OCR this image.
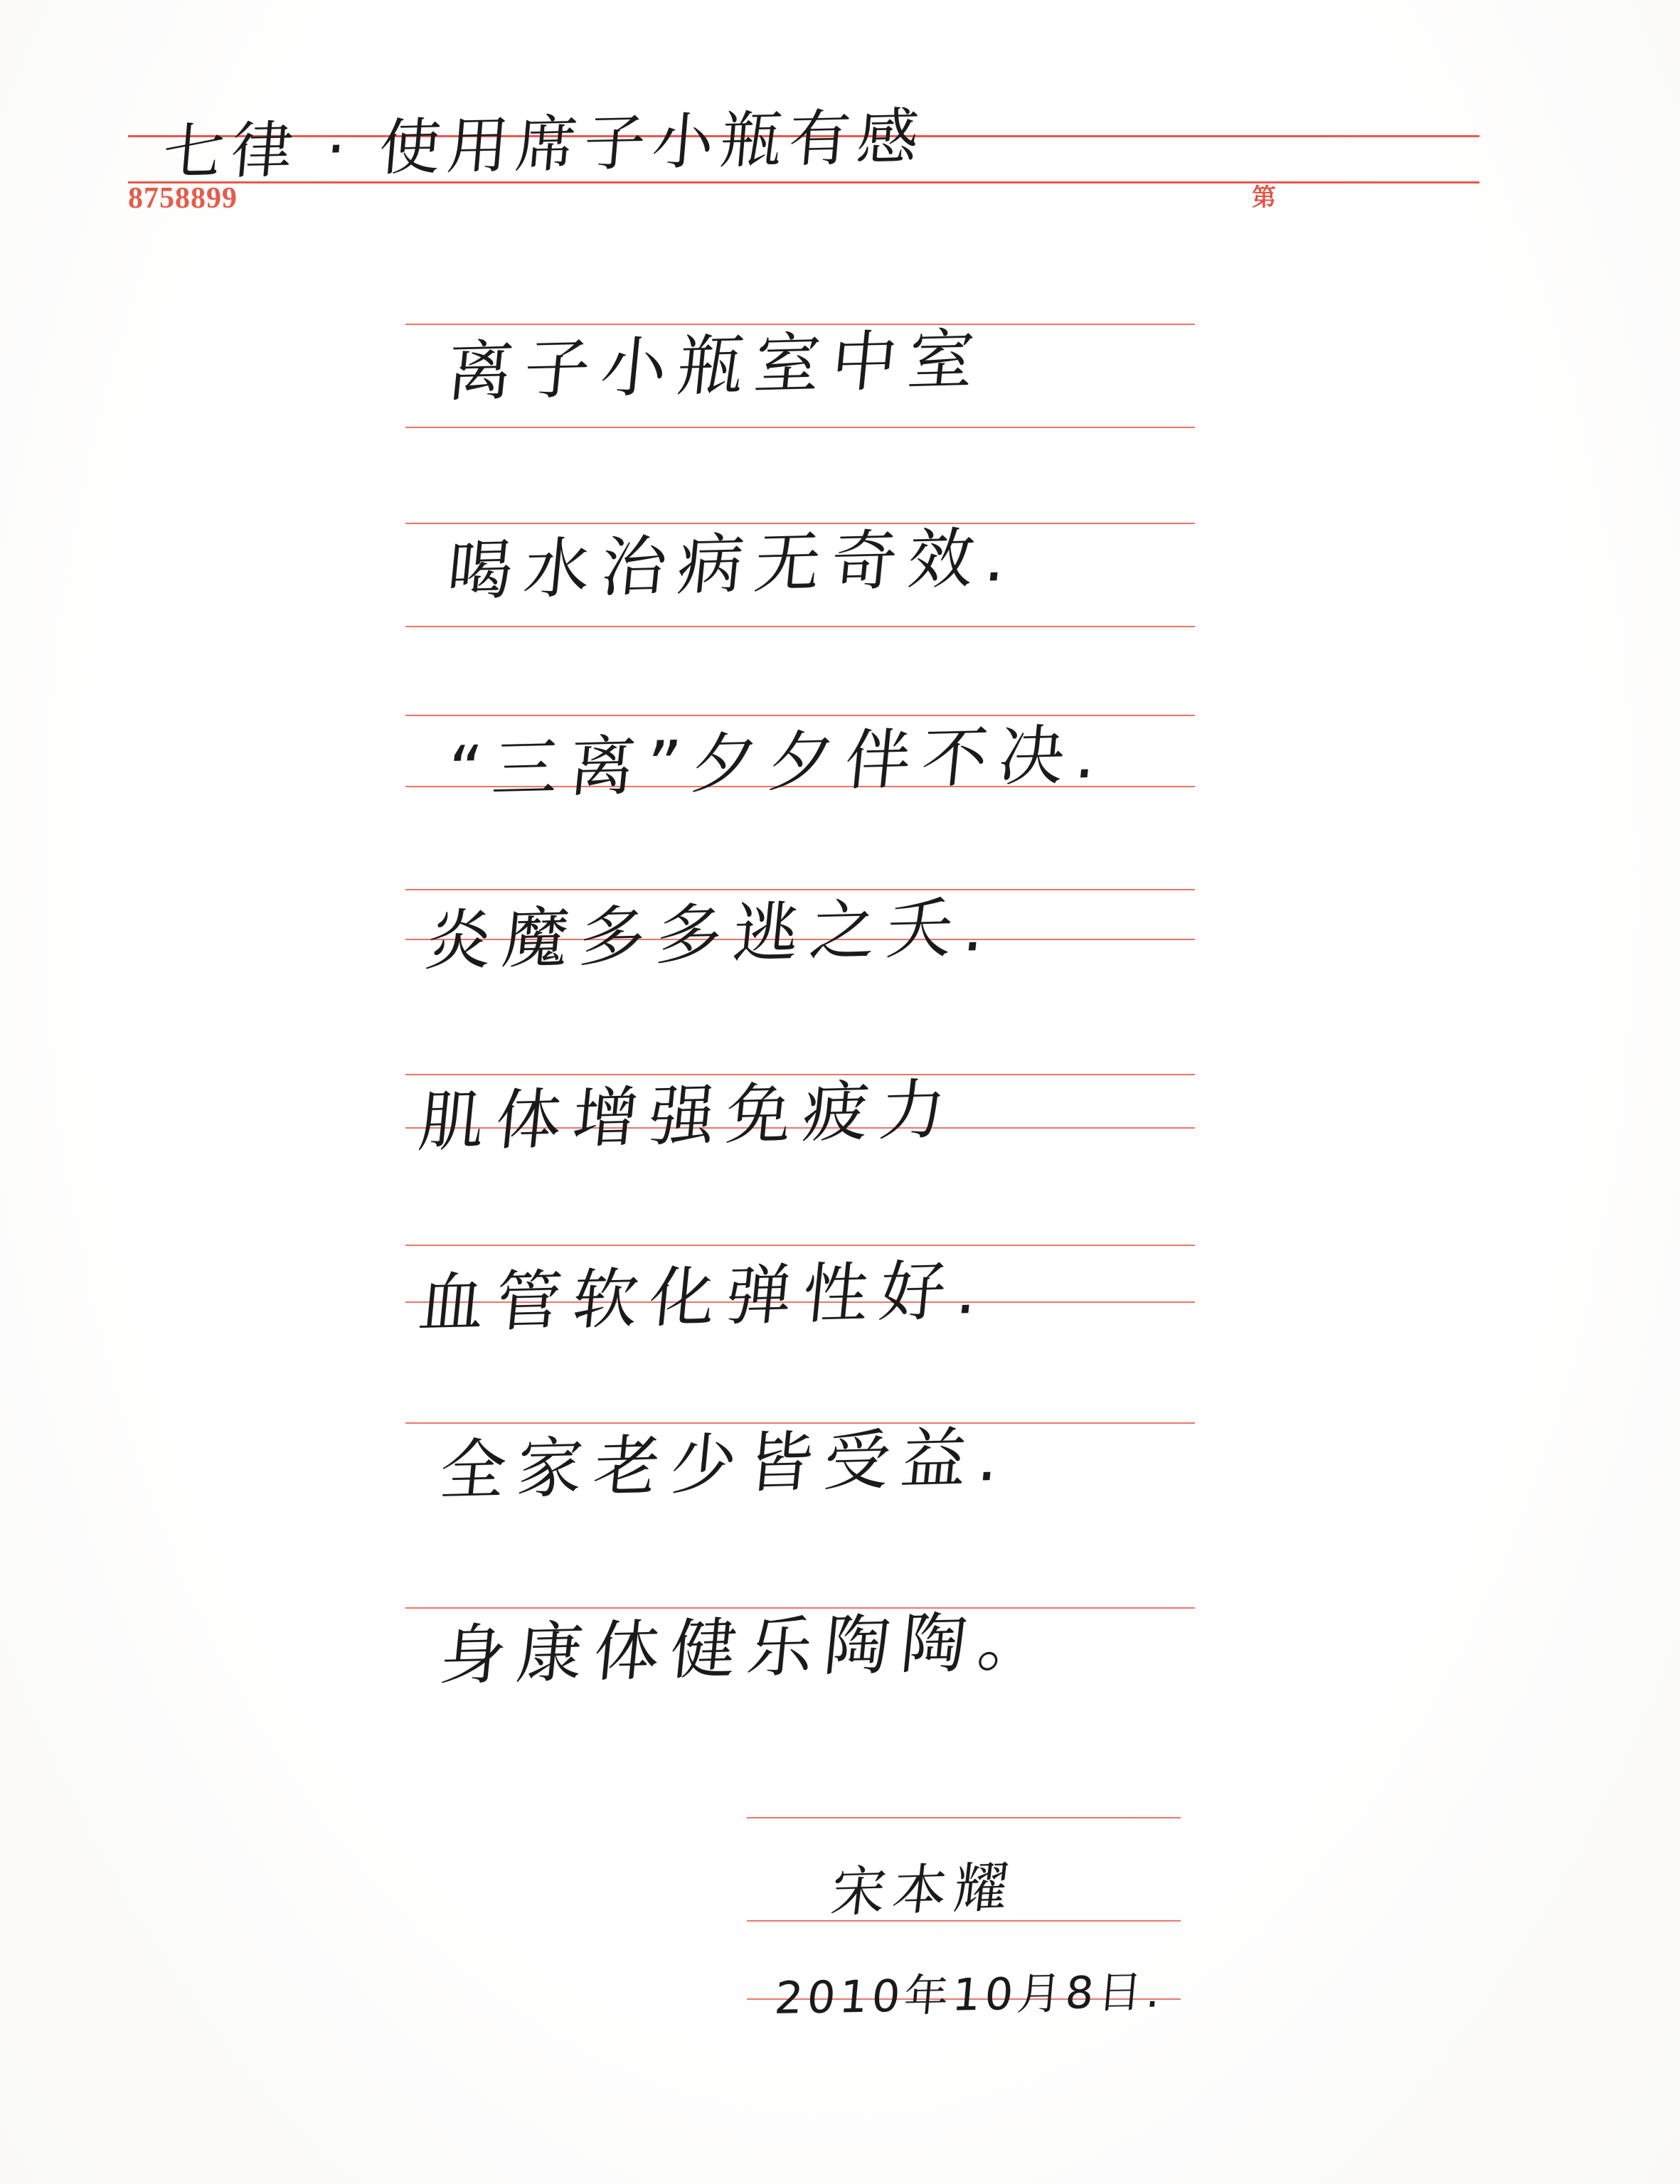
8758899	第
七律 · 使用席子小瓶有感
离子小瓶室中室
喝水治病无奇效.
“三离”夕夕伴不决.
炎魔多多逃之夭.
肌体增强免疲力
血管软化弹性好.
全家老少皆受益.
身康体健乐陶陶。
宋本耀
2010年10月8日.
